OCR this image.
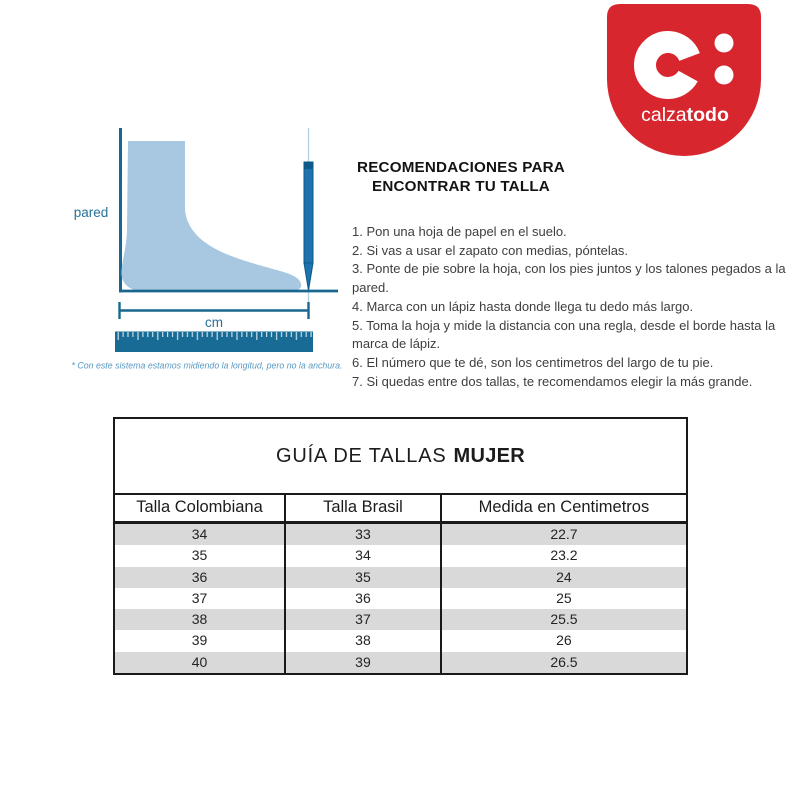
calzatodo
pared
cm
* Con este sistema estamos midiendo la longitud, pero no la anchura.
RECOMENDACIONES PARA
ENCONTRAR TU TALLA
1. Pon una hoja de papel en el suelo.
2. Si vas a usar el zapato con medias, póntelas.
3. Ponte de pie sobre la hoja, con los pies juntos y los talones pegados a la pared.
4. Marca con un lápiz hasta donde llega tu dedo más largo.
5. Toma la hoja y mide la distancia con una regla, desde el borde hasta la marca de lápiz.
6. El número que te dé, son los centimetros del largo de tu pie.
7. Si quedas entre dos tallas, te recomendamos elegir la más grande.
GUÍA DE TALLAS MUJER
Talla Colombiana	Talla Brasil	Medida en Centimetros
34	33	22.7
35	34	23.2
36	35	24
37	36	25
38	37	25.5
39	38	26
40	39	26.5
